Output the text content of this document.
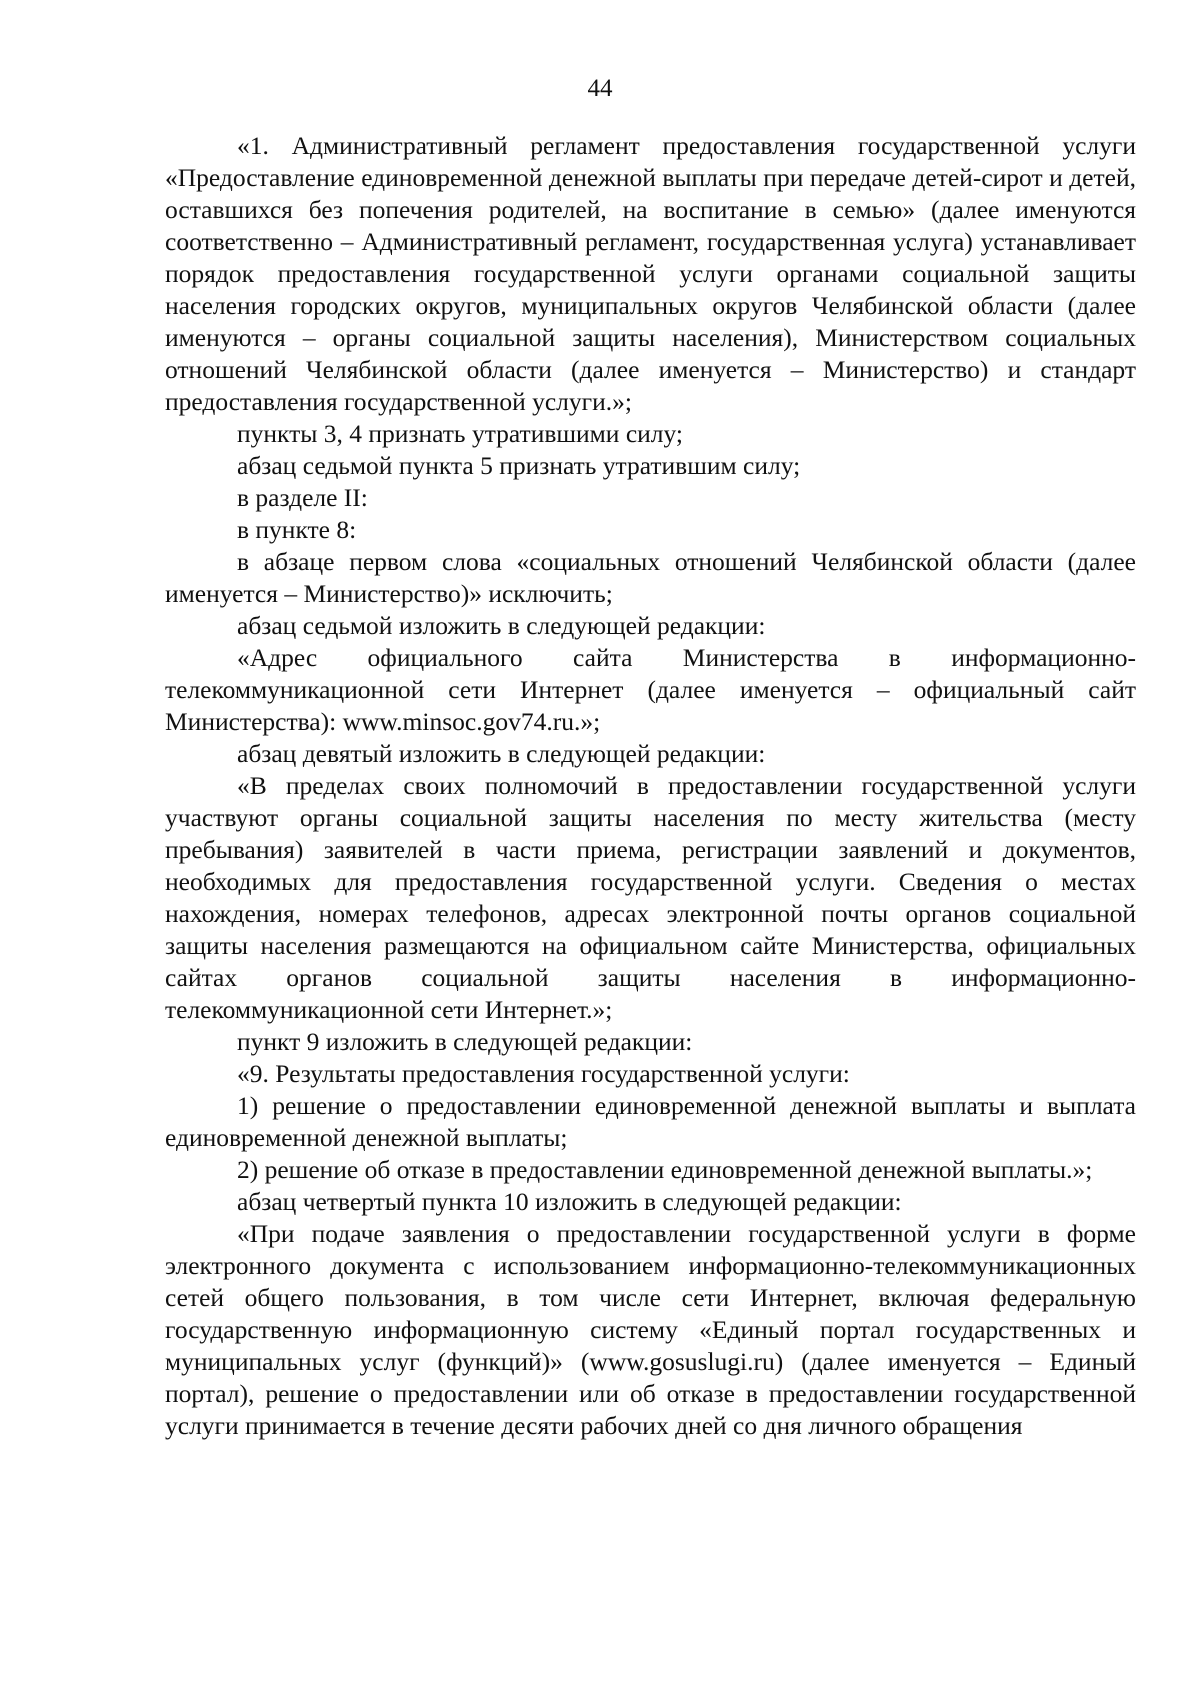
44

«1. Административный регламент предоставления государственной услуги «Предоставление единовременной денежной выплаты при передаче детей-сирот и детей, оставшихся без попечения родителей, на воспитание в семью» (далее именуются соответственно – Административный регламент, государственная услуга) устанавливает порядок предоставления государственной услуги органами социальной защиты населения городских округов, муниципальных округов Челябинской области (далее именуются – органы социальной защиты населения), Министерством социальных отношений Челябинской области (далее именуется – Министерство) и стандарт предоставления государственной услуги.»;

пункты 3, 4 признать утратившими силу;

абзац седьмой пункта 5 признать утратившим силу;

в разделе II:

в пункте 8:

в абзаце первом слова «социальных отношений Челябинской области (далее именуется – Министерство)» исключить;

абзац седьмой изложить в следующей редакции:

«Адрес официального сайта Министерства в информационно-телекоммуникационной сети Интернет (далее именуется – официальный сайт Министерства): www.minsoc.gov74.ru.»;

абзац девятый изложить в следующей редакции:

«В пределах своих полномочий в предоставлении государственной услуги участвуют органы социальной защиты населения по месту жительства (месту пребывания) заявителей в части приема, регистрации заявлений и документов, необходимых для предоставления государственной услуги. Сведения о местах нахождения, номерах телефонов, адресах электронной почты органов социальной защиты населения размещаются на официальном сайте Министерства, официальных сайтах органов социальной защиты населения в информационно-телекоммуникационной сети Интернет.»;

пункт 9 изложить в следующей редакции:

«9. Результаты предоставления государственной услуги:

1) решение о предоставлении единовременной денежной выплаты и выплата единовременной денежной выплаты;

2) решение об отказе в предоставлении единовременной денежной выплаты.»;

абзац четвертый пункта 10 изложить в следующей редакции:

«При подаче заявления о предоставлении государственной услуги в форме электронного документа с использованием информационно-телекоммуникационных сетей общего пользования, в том числе сети Интернет, включая федеральную государственную информационную систему «Единый портал государственных и муниципальных услуг (функций)» (www.gosuslugi.ru) (далее именуется – Единый портал), решение о предоставлении или об отказе в предоставлении государственной услуги принимается в течение десяти рабочих дней со дня личного обращения
